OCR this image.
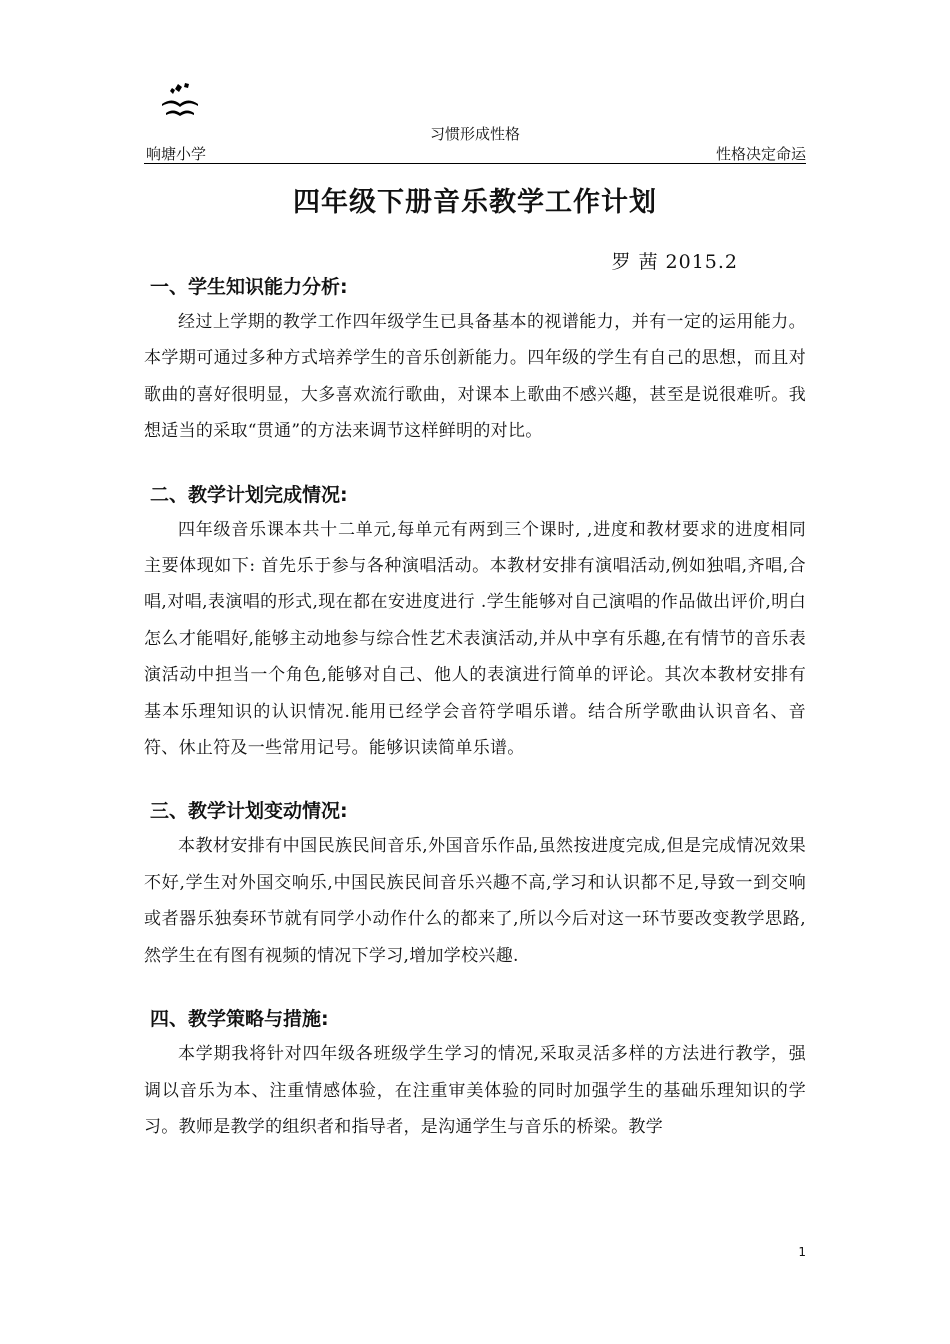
习惯形成性格
响塘小学	性格决定命运
四年级下册音乐教学工作计划
罗 茜 2015.2
一、学生知识能力分析:

经过上学期的教学工作四年级学生已具备基本的视谱能力，并有一定的运用能力。本学期可通过多种方式培养学生的音乐创新能力。四年级的学生有自己的思想，而且对歌曲的喜好很明显，大多喜欢流行歌曲，对课本上歌曲不感兴趣，甚至是说很难听。我想适当的采取“贯通”的方法来调节这样鲜明的对比。

二、教学计划完成情况:

四年级音乐课本共十二单元,每单元有两到三个课时, ,进度和教材要求的进度相同主要体现如下: 首先乐于参与各种演唱活动。本教材安排有演唱活动,例如独唱,齐唱,合唱,对唱,表演唱的形式,现在都在安进度进行 .学生能够对自己演唱的作品做出评价,明白怎么才能唱好,能够主动地参与综合性艺术表演活动,并从中享有乐趣,在有情节的音乐表演活动中担当一个角色,能够对自己、他人的表演进行简单的评论。其次本教材安排有基本乐理知识的认识情况.能用已经学会音符学唱乐谱。结合所学歌曲认识音名、音符、休止符及一些常用记号。能够识读简单乐谱。

三、教学计划变动情况:

本教材安排有中国民族民间音乐,外国音乐作品,虽然按进度完成,但是完成情况效果不好,学生对外国交响乐,中国民族民间音乐兴趣不高,学习和认识都不足,导致一到交响或者器乐独奏环节就有同学小动作什么的都来了,所以今后对这一环节要改变教学思路,然学生在有图有视频的情况下学习,增加学校兴趣.

四、教学策略与措施:

本学期我将针对四年级各班级学生学习的情况,采取灵活多样的方法进行教学，强调以音乐为本、注重情感体验，在注重审美体验的同时加强学生的基础乐理知识的学习。教师是教学的组织者和指导者，是沟通学生与音乐的桥梁。教学

1
